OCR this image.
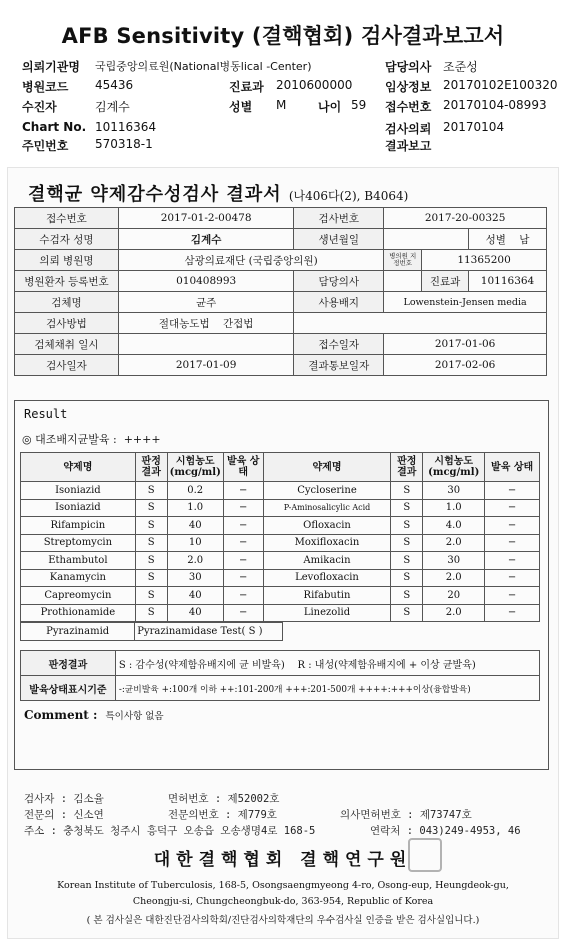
AFB Sensitivity (결핵협회) 검사결과보고서
의뢰기관명 국립중앙의료원(National병동lical -Center)	담당의사 조준성
병원코드 45436	진료과 2010600000	임상정보 20170102E100320
수진자	김계수	성별 M	나이 59 접수번호 20170104-08993
Chart No. 10116364	검사의뢰 20170104
주민번호 570318-1	결과보고
결핵균 약제감수성검사 결과서 (나406다(2), B4064)
접수번호	2017-01-2-00478	검사번호	2017-20-00325		
수검자 성명	김계수	생년월일			성별 남
의뢰 병원명	삼광의료재단 (국립중앙의원)		병의원 지정번호	11365200	
병원환자 등록번호	010408993	담당의사		진료과	10116364
검체명	균주	사용배지	Lowenstein-Jensen media		
검사방법	절대농도법 간접법				
검체채취 일시		접수일자	2017-01-06		
검사일자	2017-01-09	결과통보일자	2017-02-06		
Result
◎ 대조배지균발육 : ++++
약제명	판정 결과	시험농도 (mcg/ml)	발육 상태	약제명	판정 결과	시험농도 (mcg/ml)	발육 상태
Isoniazid	S	0.2	−	Cycloserine	S	30	−
Isoniazid	S	1.0	−	P-Aminosalicylic Acid	S	1.0	−
Rifampicin	S	40	−	Ofloxacin	S	4.0	−
Streptomycin	S	10	−	Moxifloxacin	S	2.0	−
Ethambutol	S	2.0	−	Amikacin	S	30	−
Kanamycin	S	30	−	Levofloxacin	S	2.0	−
Capreomycin	S	40	−	Rifabutin	S	20	−
Prothionamide	S	40	−	Linezolid	S	2.0	−
Pyrazinamid	Pyrazinamidase Test( S )
판정결과	S : 감수성(약제함유배지에 균 비발육) R : 내성(약제함유배지에 + 이상 균발육)
발육상태표시기준	-:균비발육 +:100개 이하 ++:101-200개 +++:201-500개 ++++:+++이상(융합발육)
Comment : 특이사항 없음
검사자 : 김소율	면허번호 : 제52002호
전문의 : 신소연	전문의번호 : 제779호	의사면허번호 : 제73747호
주소 : 충청북도 청주시 흥덕구 오송읍 오송생명4로 168-5	연락처 : 043)249-4953, 46
대한결핵협회 결핵연구원
Korean Institute of Tuberculosis, 168-5, Osongsaengmyeong 4-ro, Osong-eup, Heungdeok-gu,
Cheongju-si, Chungcheongbuk-do, 363-954, Republic of Korea
( 본 검사실은 대한진단검사의학회/진단검사의학재단의 우수검사실 인증을 받은 검사실입니다.)
